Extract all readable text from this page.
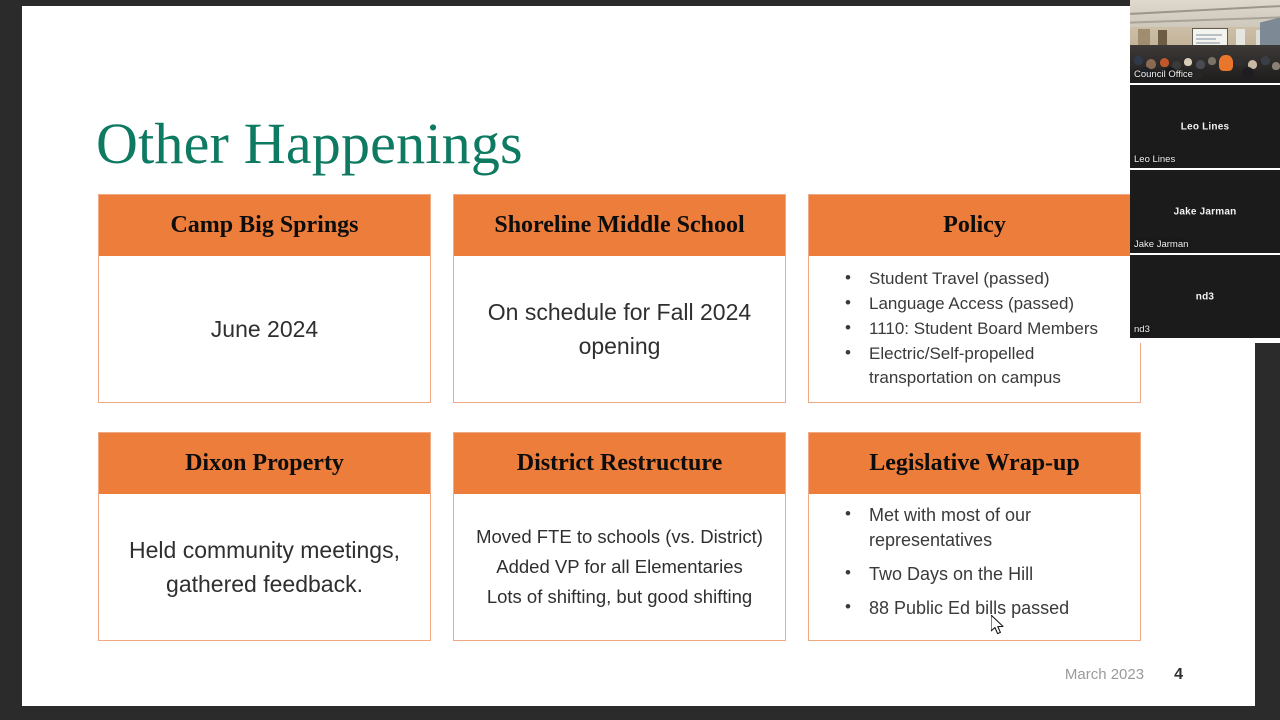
Other Happenings
Camp Big Springs
June 2024
Shoreline Middle School
On schedule for Fall 2024 opening
Policy
• Student Travel (passed)
• Language Access (passed)
• 1110: Student Board Members
• Electric/Self-propelled transportation on campus
Dixon Property
Held community meetings, gathered feedback.
District Restructure
Moved FTE to schools (vs. District)
Added VP for all Elementaries
Lots of shifting, but good shifting
Legislative Wrap-up
• Met with most of our representatives
• Two Days on the Hill
• 88 Public Ed bills passed
March 2023 4
Council Office
Leo Lines
Leo Lines
Jake Jarman
Jake Jarman
nd3
nd3
